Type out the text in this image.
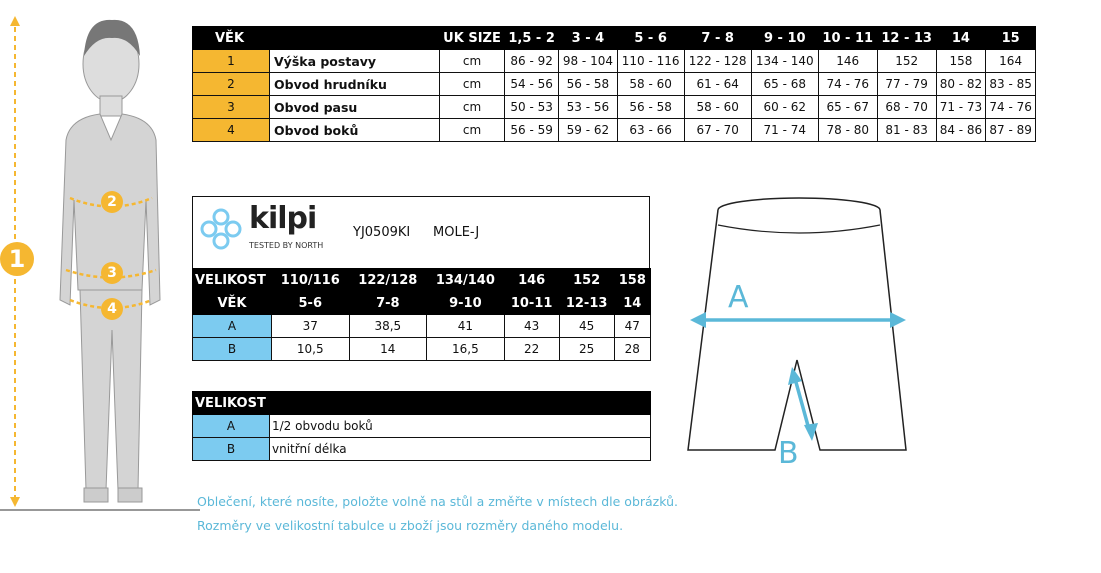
1
2
3
4
VĚK		UK SIZE	1,5 - 2	3 - 4	5 - 6	7 - 8	9 - 10	10 - 11	12 - 13	14	15
1	Výška postavy	cm	86 - 92	98 - 104	110 - 116	122 - 128	134 - 140	146	152	158	164
2	Obvod hrudníku	cm	54 - 56	56 - 58	58 - 60	61 - 64	65 - 68	74 - 76	77 - 79	80 - 82	83 - 85
3	Obvod pasu	cm	50 - 53	53 - 56	56 - 58	58 - 60	60 - 62	65 - 67	68 - 70	71 - 73	74 - 76
4	Obvod boků	cm	56 - 59	59 - 62	63 - 66	67 - 70	71 - 74	78 - 80	81 - 83	84 - 86	87 - 89
kilpi
TESTED BY NORTH
YJ0509KI MOLE-J
VELIKOST	110/116	122/128	134/140	146	152	158
VĚK	5-6	7-8	9-10	10-11	12-13	14
A	37	38,5	41	43	45	47
B	10,5	14	16,5	22	25	28
VELIKOST	
A	1/2 obvodu boků
B	vnitřní délka
A
B
Oblečení, které nosíte, položte volně na stůl a změřte v místech dle obrázků.
Rozměry ve velikostní tabulce u zboží jsou rozměry daného modelu.
